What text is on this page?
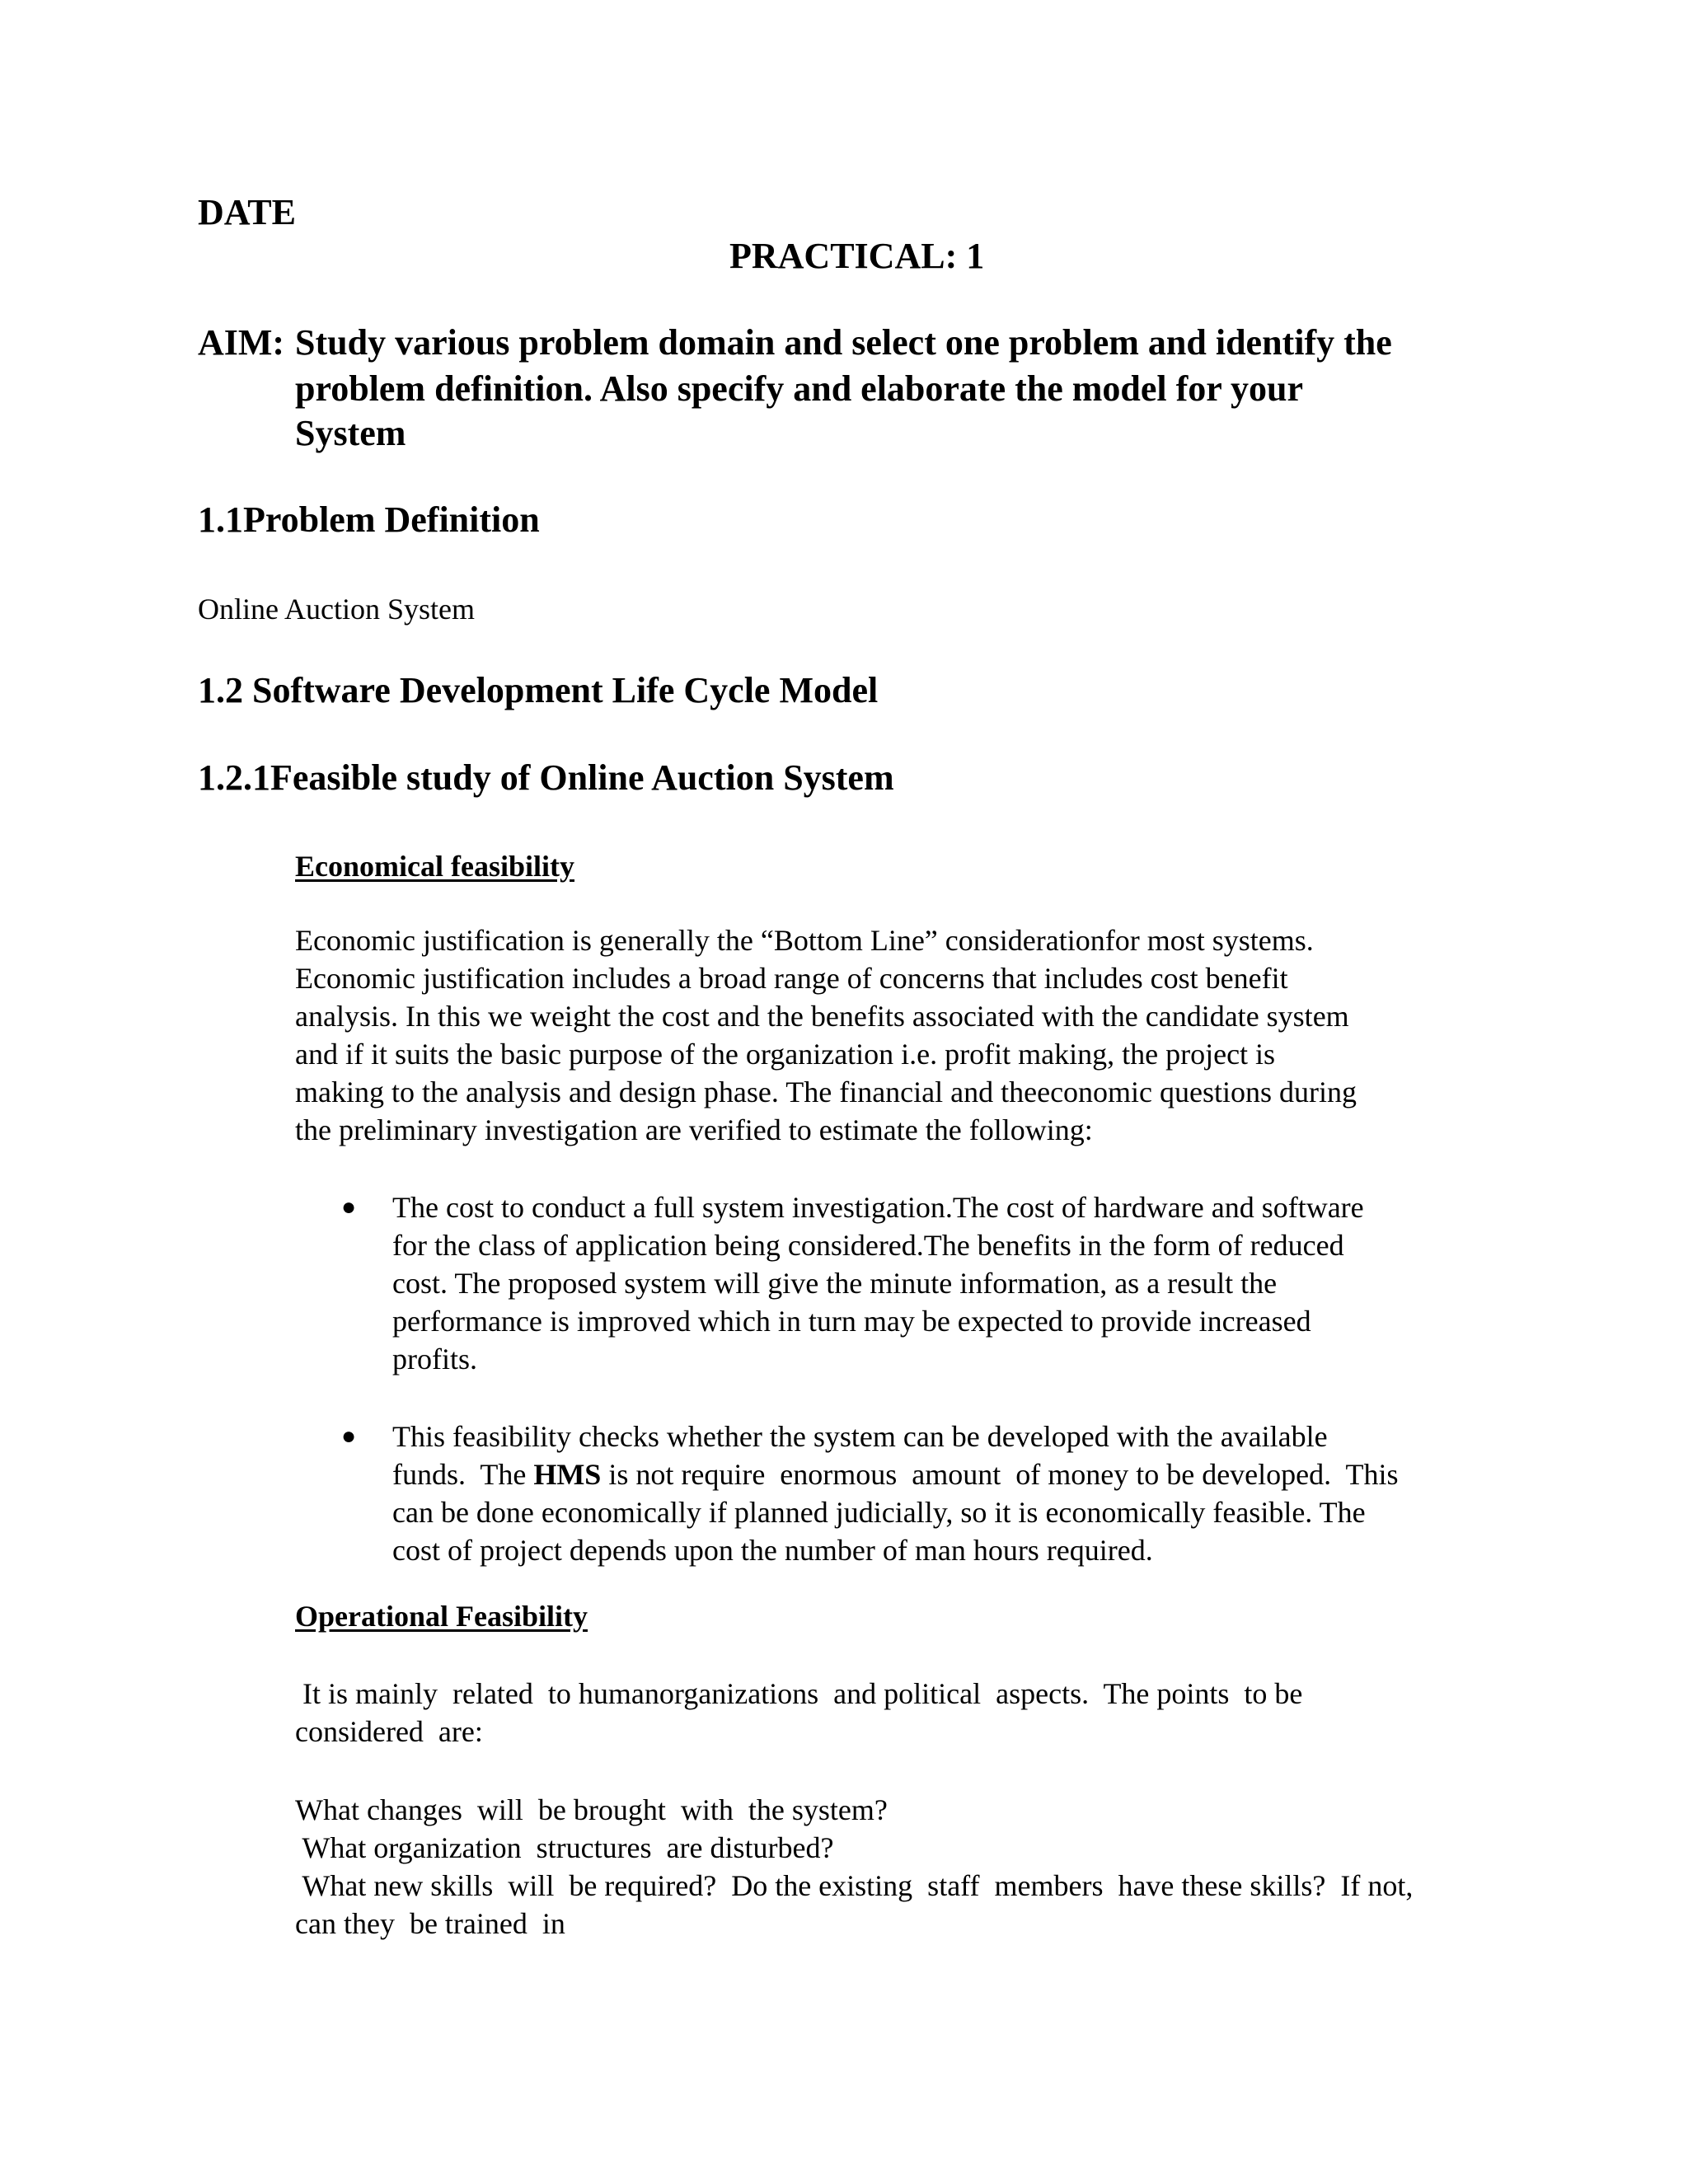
DATE
PRACTICAL: 1
AIM: Study various problem domain and select one problem and identify the
problem definition. Also specify and elaborate the model for your
System
1.1Problem Definition
Online Auction System
1.2 Software Development Life Cycle Model
1.2.1Feasible study of Online Auction System
Economical feasibility
Economic justification is generally the “Bottom Line” considerationfor most systems.
Economic justification includes a broad range of concerns that includes cost benefit
analysis. In this we weight the cost and the benefits associated with the candidate system
and if it suits the basic purpose of the organization i.e. profit making, the project is
making to the analysis and design phase. The financial and theeconomic questions during
the preliminary investigation are verified to estimate the following:
● The cost to conduct a full system investigation.The cost of hardware and software
for the class of application being considered.The benefits in the form of reduced
cost. The proposed system will give the minute information, as a result the
performance is improved which in turn may be expected to provide increased
profits.
● This feasibility checks whether the system can be developed with the available
funds.  The HMS is not require  enormous  amount  of money to be developed.  This
can be done economically if planned judicially, so it is economically feasible. The
cost of project depends upon the number of man hours required.
Operational Feasibility
It is mainly  related  to humanorganizations  and political  aspects.  The points  to be
considered  are:
What changes  will  be brought  with  the system?
What organization  structures  are disturbed?
What new skills  will  be required?  Do the existing  staff  members  have these skills?  If not,
can they  be trained  in
